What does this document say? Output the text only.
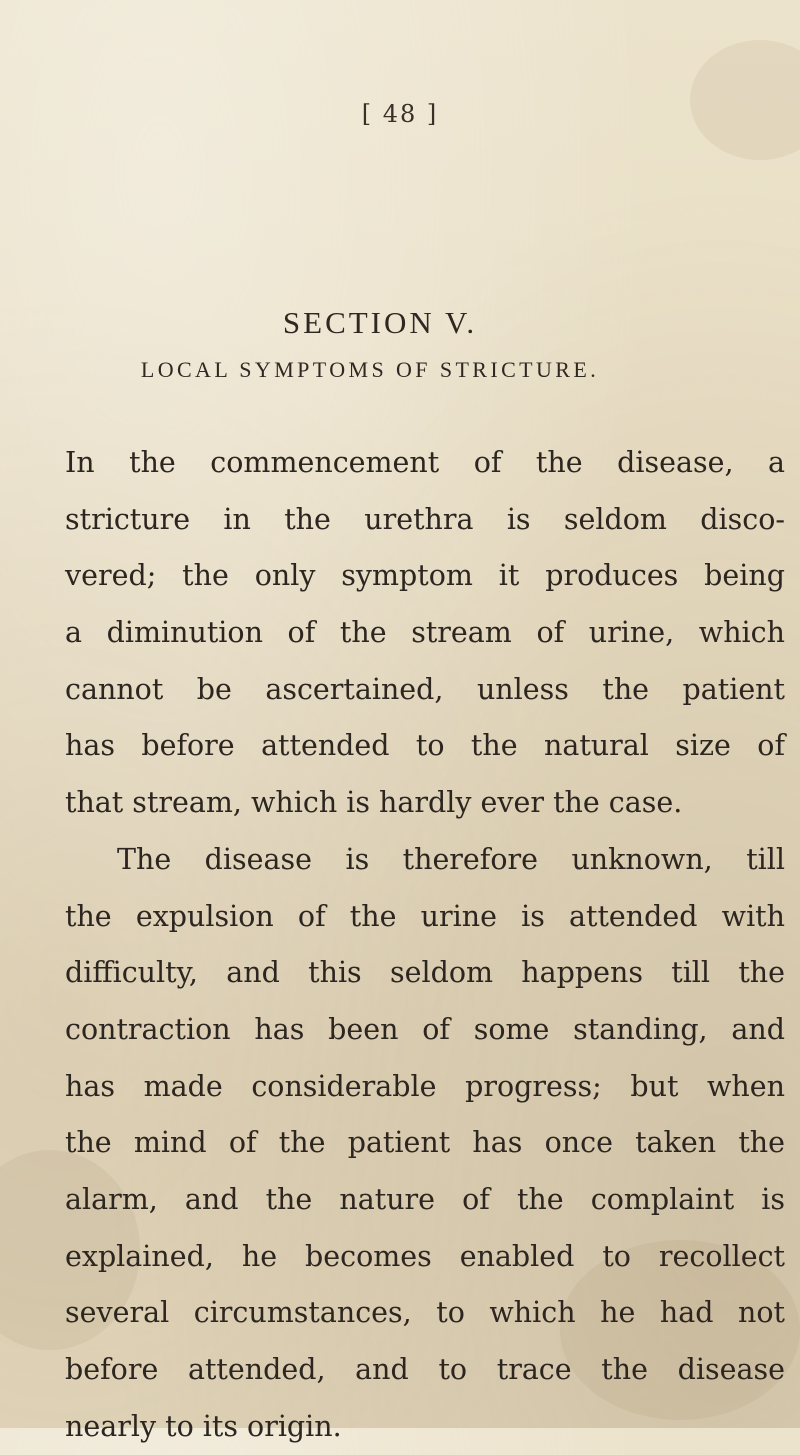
[ 48 ]
SECTION V.
LOCAL SYMPTOMS OF STRICTURE.
In the commencement of the disease, a
stricture in the urethra is seldom disco-
vered; the only symptom it produces being
a diminution of the stream of urine, which
cannot be ascertained, unless the patient
has before attended to the natural size of
that stream, which is hardly ever the case.
The disease is therefore unknown, till
the expulsion of the urine is attended with
difficulty, and this seldom happens till the
contraction has been of some standing, and
has made considerable progress; but when
the mind of the patient has once taken the
alarm, and the nature of the complaint is
explained, he becomes enabled to recollect
several circumstances, to which he had not
before attended, and to trace the disease
nearly to its origin.
